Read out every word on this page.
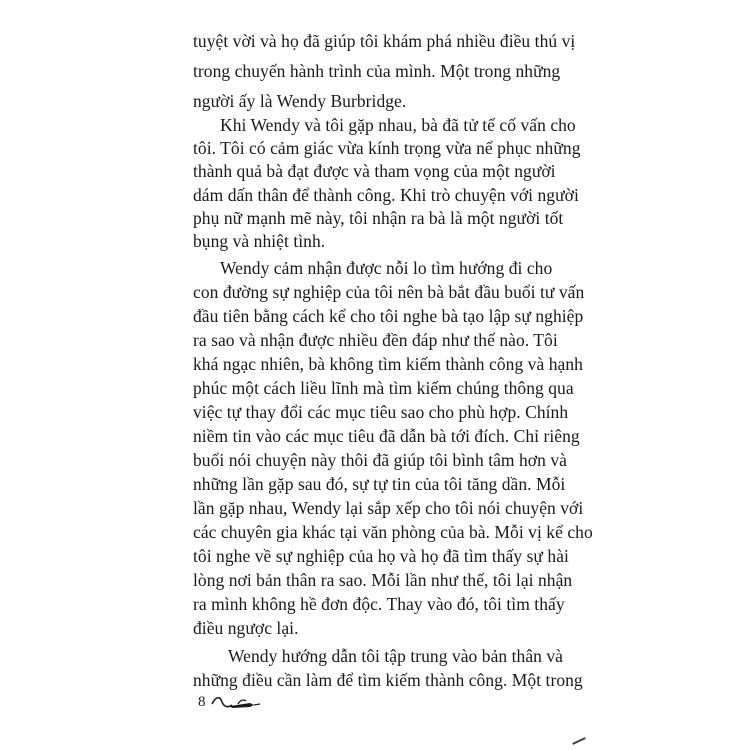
tuyệt vời và họ đã giúp tôi khám phá nhiều điều thú vị
trong chuyến hành trình của mình. Một trong những
người ấy là Wendy Burbridge.
Khi Wendy và tôi gặp nhau, bà đã tử tế cố vấn cho
tôi. Tôi có cảm giác vừa kính trọng vừa nể phục những
thành quả bà đạt được và tham vọng của một người
dám dấn thân để thành công. Khi trò chuyện với người
phụ nữ mạnh mẽ này, tôi nhận ra bà là một người tốt
bụng và nhiệt tình.
Wendy cảm nhận được nỗi lo tìm hướng đi cho
con đường sự nghiệp của tôi nên bà bắt đầu buổi tư vấn
đầu tiên bằng cách kể cho tôi nghe bà tạo lập sự nghiệp
ra sao và nhận được nhiều đền đáp như thế nào. Tôi
khá ngạc nhiên, bà không tìm kiếm thành công và hạnh
phúc một cách liều lĩnh mà tìm kiếm chúng thông qua
việc tự thay đổi các mục tiêu sao cho phù hợp. Chính
niềm tin vào các mục tiêu đã dẫn bà tới đích. Chỉ riêng
buổi nói chuyện này thôi đã giúp tôi bình tâm hơn và
những lần gặp sau đó, sự tự tin của tôi tăng dần. Mỗi
lần gặp nhau, Wendy lại sắp xếp cho tôi nói chuyện với
các chuyên gia khác tại văn phòng của bà. Mỗi vị kể cho
tôi nghe về sự nghiệp của họ và họ đã tìm thấy sự hài
lòng nơi bản thân ra sao. Mỗi lần như thế, tôi lại nhận
ra mình không hề đơn độc. Thay vào đó, tôi tìm thấy
điều ngược lại.
Wendy hướng dẫn tôi tập trung vào bản thân và
những điều cần làm để tìm kiếm thành công. Một trong
8
